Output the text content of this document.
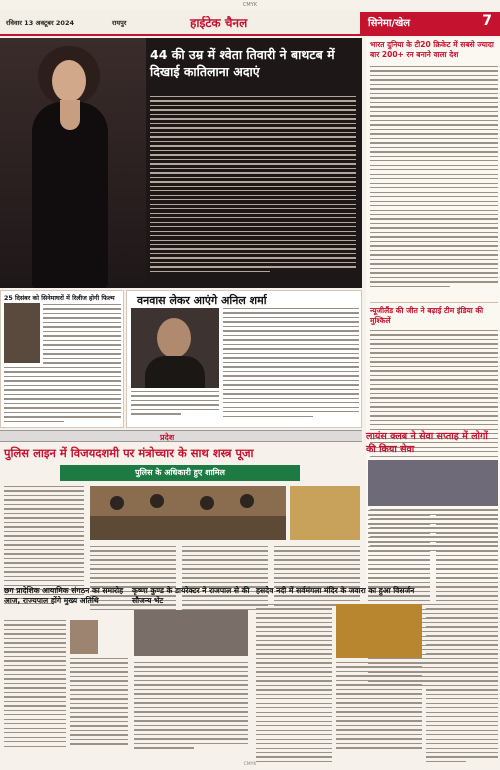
CMYK
रविवार 13 अक्टूबर 2024	रायपुर	हाईटेक चैनल	सिनेमा/खेल	7
44 की उम्र में श्वेता तिवारी ने बाथटब में दिखाई कातिलाना अदाएं
भारत दुनिया के टी20 क्रिकेट में सबसे ज्यादा बार 200+ रन बनाने वाला देश
न्यूजीलैंड की जीत ने बढ़ाई टीम इंडिया की मुश्किलें
25 दिसंबर को सिनेमाघरों में रिलीज होगी फिल्म	वनवास लेकर आएंगे अनिल शर्मा
प्रदेश
पुलिस लाइन में विजयदशमी पर मंत्रोच्चार के साथ शस्त्र पूजा
पुलिस के अधिकारी हुए शामिल
लायंस क्लब ने सेवा सप्ताह में लोगों की किया सेवा
छग प्रादेशिक आयामिक संगठन का समारोह आज, राज्यपाल होंगे मुख्य अतिथि
कृष्णा कुण्ड के डायरेक्टर ने राजपाल से की सौजन्य भेंट
हसदेव नदी में सर्वमंगला मंदिर के जवारा का हुआ विसर्जन
CMYK
